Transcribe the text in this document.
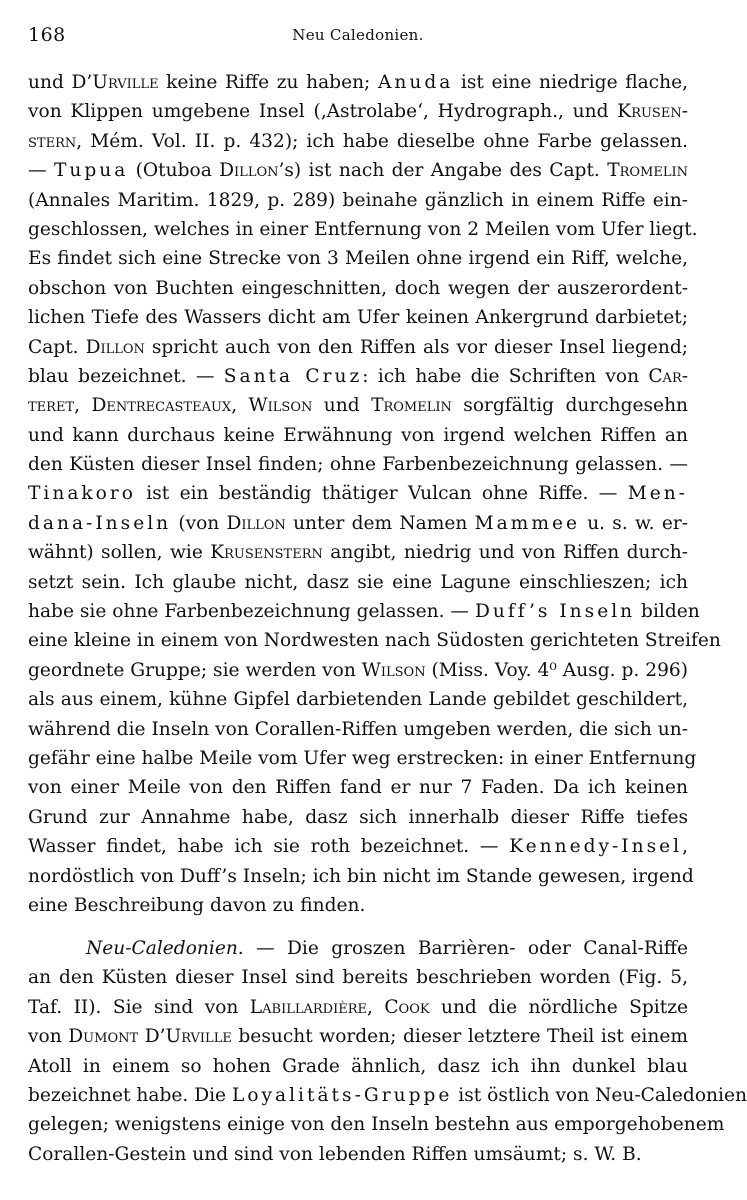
168	Neu Caledonien.
und D’Urville keine Riffe zu haben; Anuda ist eine niedrige flache,
von Klippen umgebene Insel (‚Astrolabe‘, Hydrograph., und Krusen-
stern, Mém. Vol. II. p. 432); ich habe dieselbe ohne Farbe gelassen.
— Tupua (Otuboa Dillon’s) ist nach der Angabe des Capt. Tromelin
(Annales Maritim. 1829, p. 289) beinahe gänzlich in einem Riffe ein-
geschlossen, welches in einer Entfernung von 2 Meilen vom Ufer liegt.
Es findet sich eine Strecke von 3 Meilen ohne irgend ein Riff, welche,
obschon von Buchten eingeschnitten, doch wegen der auszerordent-
lichen Tiefe des Wassers dicht am Ufer keinen Ankergrund darbietet;
Capt. Dillon spricht auch von den Riffen als vor dieser Insel liegend;
blau bezeichnet. — Santa Cruz: ich habe die Schriften von Car-
teret, Dentrecasteaux, Wilson und Tromelin sorgfältig durchgesehn
und kann durchaus keine Erwähnung von irgend welchen Riffen an
den Küsten dieser Insel finden; ohne Farbenbezeichnung gelassen. —
Tinakoro ist ein beständig thätiger Vulcan ohne Riffe. — Men-
dana-Inseln (von Dillon unter dem Namen Mammee u. s. w. er-
wähnt) sollen, wie Krusenstern angibt, niedrig und von Riffen durch-
setzt sein. Ich glaube nicht, dasz sie eine Lagune einschlieszen; ich
habe sie ohne Farbenbezeichnung gelassen. — Duff’s Inseln bilden
eine kleine in einem von Nordwesten nach Südosten gerichteten Streifen
geordnete Gruppe; sie werden von Wilson (Miss. Voy. 4⁰ Ausg. p. 296)
als aus einem, kühne Gipfel darbietenden Lande gebildet geschildert,
während die Inseln von Corallen-Riffen umgeben werden, die sich un-
gefähr eine halbe Meile vom Ufer weg erstrecken: in einer Entfernung
von einer Meile von den Riffen fand er nur 7 Faden. Da ich keinen
Grund zur Annahme habe, dasz sich innerhalb dieser Riffe tiefes
Wasser findet, habe ich sie roth bezeichnet. — Kennedy-Insel,
nordöstlich von Duff’s Inseln; ich bin nicht im Stande gewesen, irgend
eine Beschreibung davon zu finden.
Neu-Caledonien. — Die groszen Barrièren- oder Canal-Riffe
an den Küsten dieser Insel sind bereits beschrieben worden (Fig. 5,
Taf. II). Sie sind von Labillardière, Cook und die nördliche Spitze
von Dumont D’Urville besucht worden; dieser letztere Theil ist einem
Atoll in einem so hohen Grade ähnlich, dasz ich ihn dunkel blau
bezeichnet habe. Die Loyalitäts-Gruppe ist östlich von Neu-Caledonien
gelegen; wenigstens einige von den Inseln bestehn aus emporgehobenem
Corallen-Gestein und sind von lebenden Riffen umsäumt; s. W. B.
